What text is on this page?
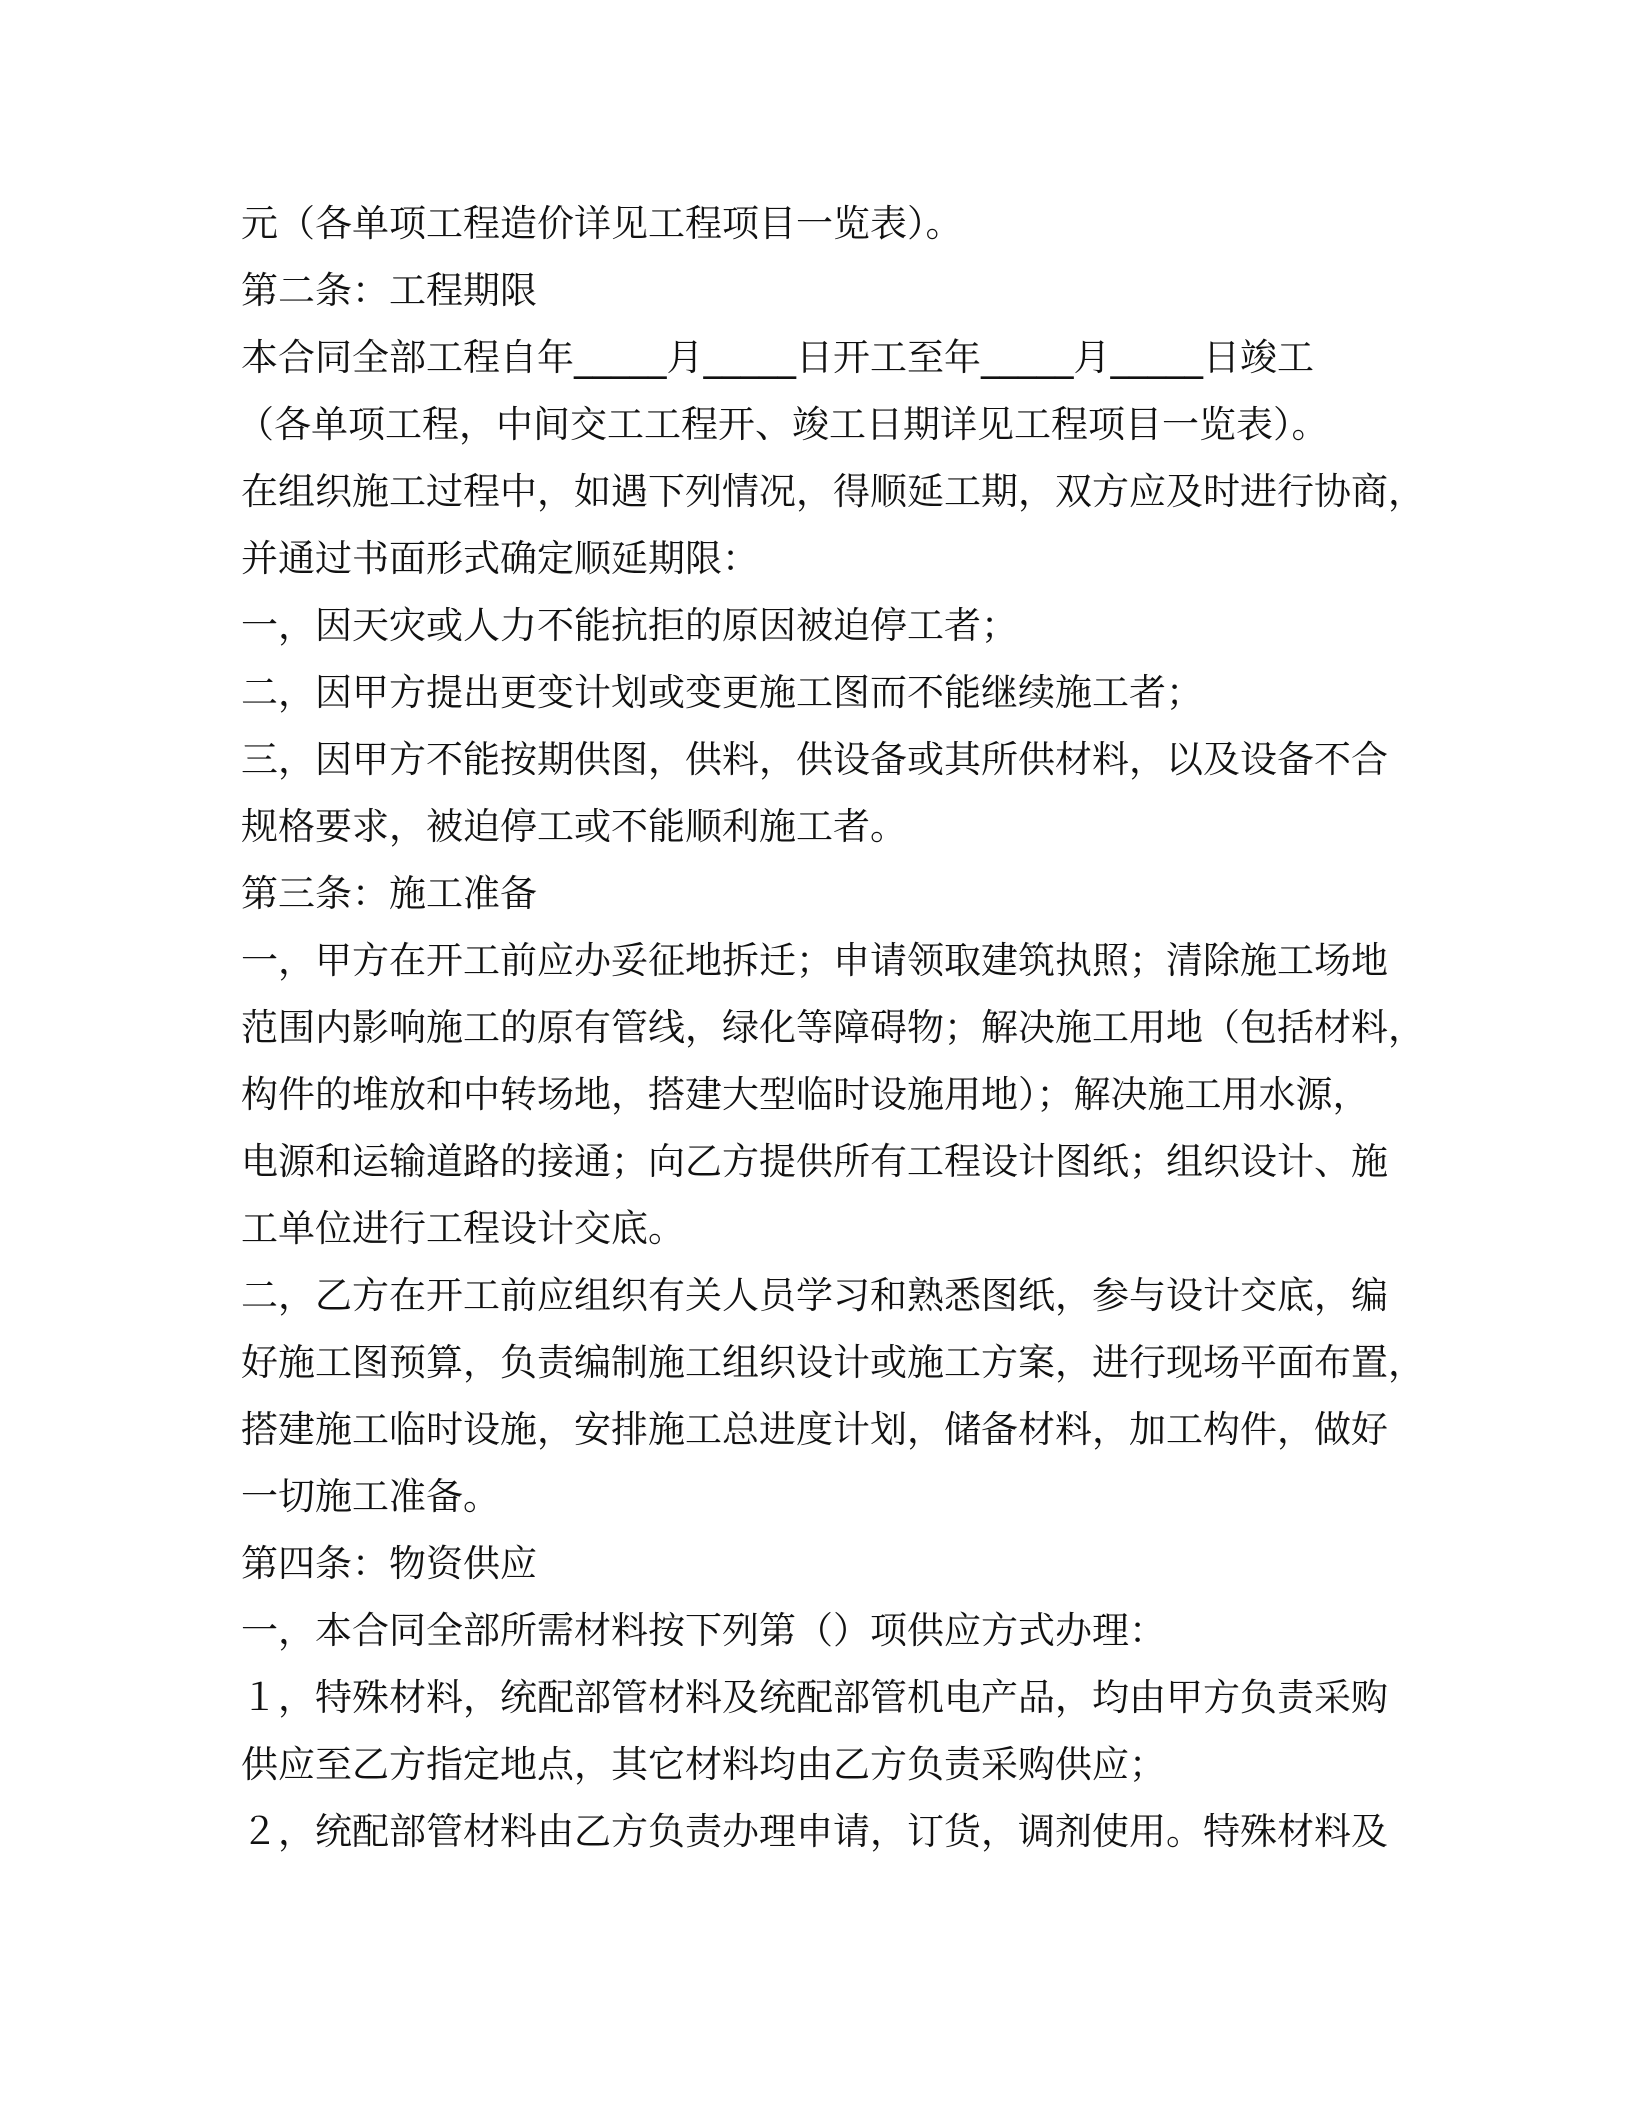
元（各单项工程造价详见工程项目一览表）。
第二条：工程期限
本合同全部工程自年_____月_____日开工至年_____月_____日竣工
（各单项工程，中间交工工程开、竣工日期详见工程项目一览表）。
在组织施工过程中，如遇下列情况，得顺延工期，双方应及时进行协商，
并通过书面形式确定顺延期限：
一，因天灾或人力不能抗拒的原因被迫停工者；
二，因甲方提出更变计划或变更施工图而不能继续施工者；
三，因甲方不能按期供图，供料，供设备或其所供材料，以及设备不合
规格要求，被迫停工或不能顺利施工者。
第三条：施工准备
一，甲方在开工前应办妥征地拆迁；申请领取建筑执照；清除施工场地
范围内影响施工的原有管线，绿化等障碍物；解决施工用地（包括材料，
构件的堆放和中转场地，搭建大型临时设施用地）；解决施工用水源，
电源和运输道路的接通；向乙方提供所有工程设计图纸；组织设计、施
工单位进行工程设计交底。
二，乙方在开工前应组织有关人员学习和熟悉图纸，参与设计交底，编
好施工图预算，负责编制施工组织设计或施工方案，进行现场平面布置，
搭建施工临时设施，安排施工总进度计划，储备材料，加工构件，做好
一切施工准备。
第四条：物资供应
一，本合同全部所需材料按下列第（）项供应方式办理：
１，特殊材料，统配部管材料及统配部管机电产品，均由甲方负责采购
供应至乙方指定地点，其它材料均由乙方负责采购供应；
２，统配部管材料由乙方负责办理申请，订货，调剂使用。特殊材料及
